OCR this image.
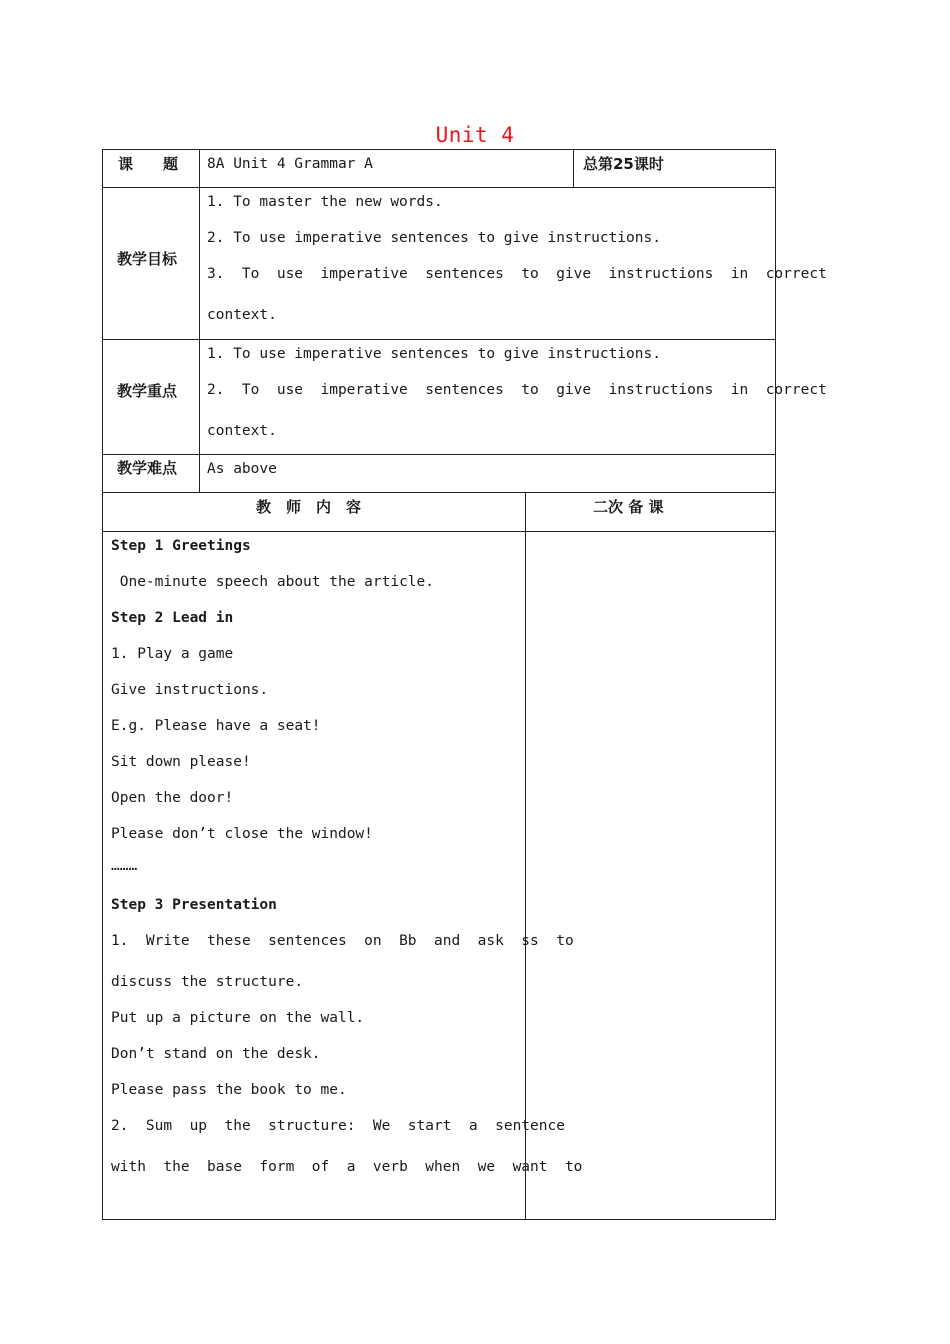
Unit 4
课　　题 8A Unit 4 Grammar A	总第25课时
教学目标
1. To master the new words.
2. To use imperative sentences to give instructions.
3.  To  use  imperative  sentences  to  give  instructions  in  correct
context.
教学重点
1. To use imperative sentences to give instructions.
2.  To  use  imperative  sentences  to  give  instructions  in  correct
context.
教学难点 As above
教　师　内　容	二次 备 课
Step 1 Greetings
One-minute speech about the article.
Step 2 Lead in
1. Play a game
Give instructions.
E.g. Please have a seat!
Sit down please!
Open the door!
Please don’t close the window!
………
Step 3 Presentation
1.  Write  these  sentences  on  Bb  and  ask  ss  to
discuss the structure.
Put up a picture on the wall.
Don’t stand on the desk.
Please pass the book to me.
2.  Sum  up  the  structure:  We  start  a  sentence
with  the  base  form  of  a  verb  when  we  want  to
